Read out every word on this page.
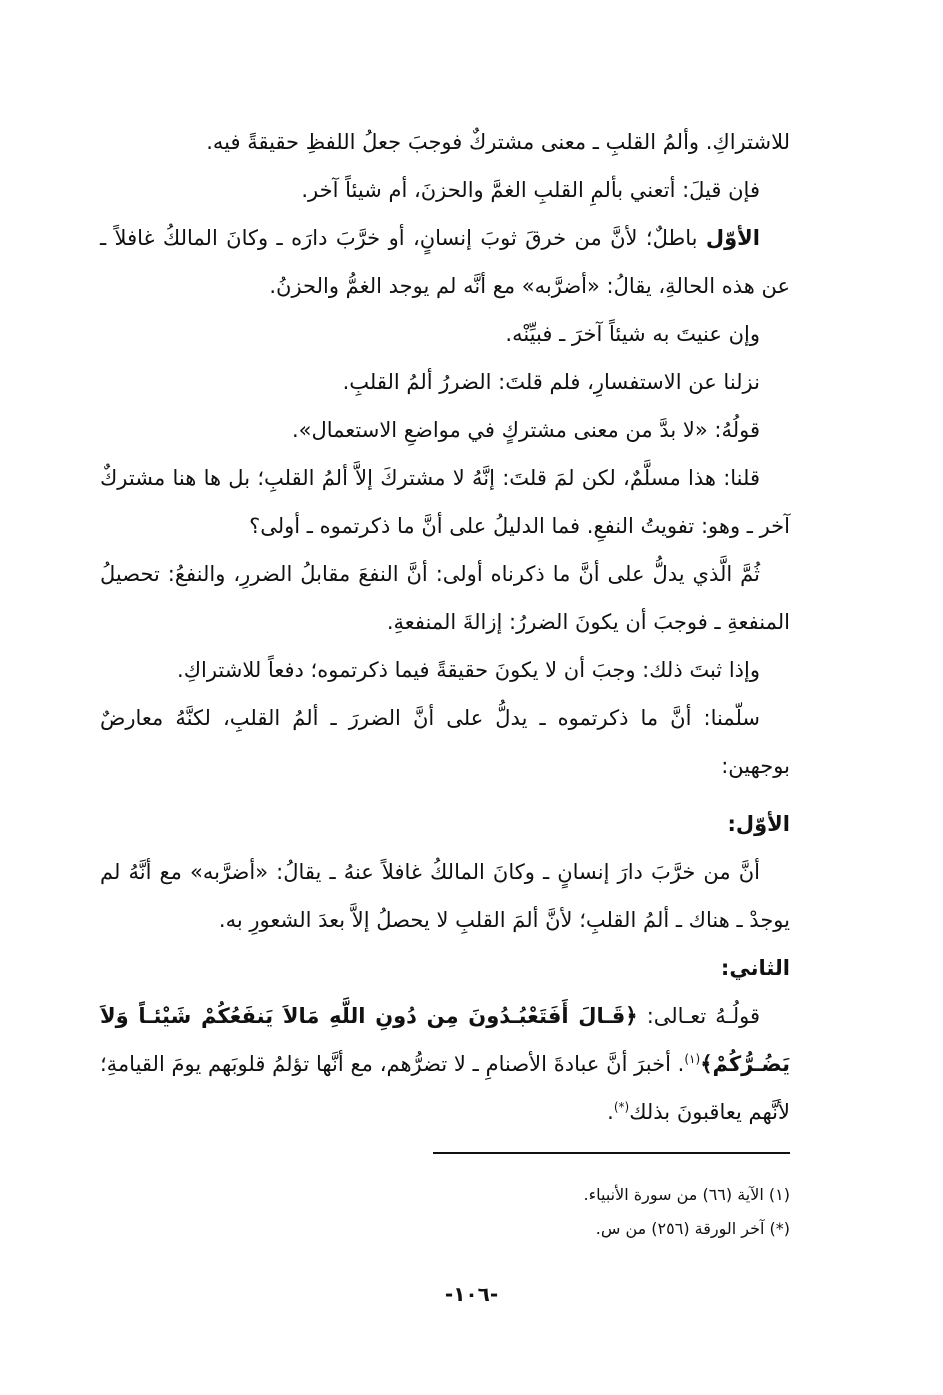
للاشتراكِ. وألمُ القلبِ ـ معنى مشتركٌ فوجبَ جعلُ اللفظِ حقيقةً فيه.

فإن قيلَ: أتعني بألمِ القلبِ الغمَّ والحزنَ، أم شيئاً آخر.

الأوّل باطلٌ؛ لأنَّ من خرقَ ثوبَ إنسانٍ، أو خرَّبَ دارَه ـ وكانَ المالكُ غافلاً ـ عن هذه الحالةِ، يقالُ: «أضرَّبه» مع أنَّه لم يوجد الغمُّ والحزنُ.

وإن عنيتَ به شيئاً آخرَ ـ فبيِّنْه.

نزلنا عن الاستفسارِ، فلم قلتَ: الضررُ ألمُ القلبِ.

قولُهُ: «لا بدَّ من معنى مشتركٍ في مواضعِ الاستعمال».

قلنا: هذا مسلَّمٌ، لكن لمَ قلتَ: إنَّهُ لا مشتركَ إلاَّ ألمُ القلبِ؛ بل ها هنا مشتركٌ آخر ـ وهو: تفويتُ النفعِ. فما الدليلُ على أنَّ ما ذكرتموه ـ أولى؟

ثُمَّ الَّذي يدلُّ على أنَّ ما ذكرناه أولى: أنَّ النفعَ مقابلُ الضررِ، والنفعُ: تحصيلُ المنفعةِ ـ فوجبَ أن يكونَ الضررُ: إزالةَ المنفعةِ.

وإذا ثبتَ ذلك: وجبَ أن لا يكونَ حقيقةً فيما ذكرتموه؛ دفعاً للاشتراكِ.

سلّمنا: أنَّ ما ذكرتموه ـ يدلُّ على أنَّ الضررَ ـ ألمُ القلبِ، لكنَّهُ معارضٌ بوجهين:

الأوّل:

أنَّ من خرَّبَ دارَ إنسانٍ ـ وكانَ المالكُ غافلاً عنهُ ـ يقالُ: «أضرَّبه» مع أنَّهُ لم يوجدْ ـ هناك ـ ألمُ القلبِ؛ لأنَّ ألمَ القلبِ لا يحصلُ إلاَّ بعدَ الشعورِ به.

الثاني:

قولُـهُ تعـالى: ﴿قَـالَ أَفَتَعْبُـدُونَ مِن دُونِ اللَّهِ مَالاَ يَنفَعُكُمْ شَيْئـاً وَلاَ يَضُـرُّكُمْ﴾$^{(١)}$. أخبرَ أنَّ عبادةَ الأصنامِ ـ لا تضرُّهم، مع أنَّها تؤلمُ قلوبَهم يومَ القيامةِ؛ لأنَّهم يعاقبونَ بذلك(*).

(١) الآية (٦٦) من سورة الأنبياء.

(*) آخر الورقة (٢٥٦) من س.

-١٠٦-
